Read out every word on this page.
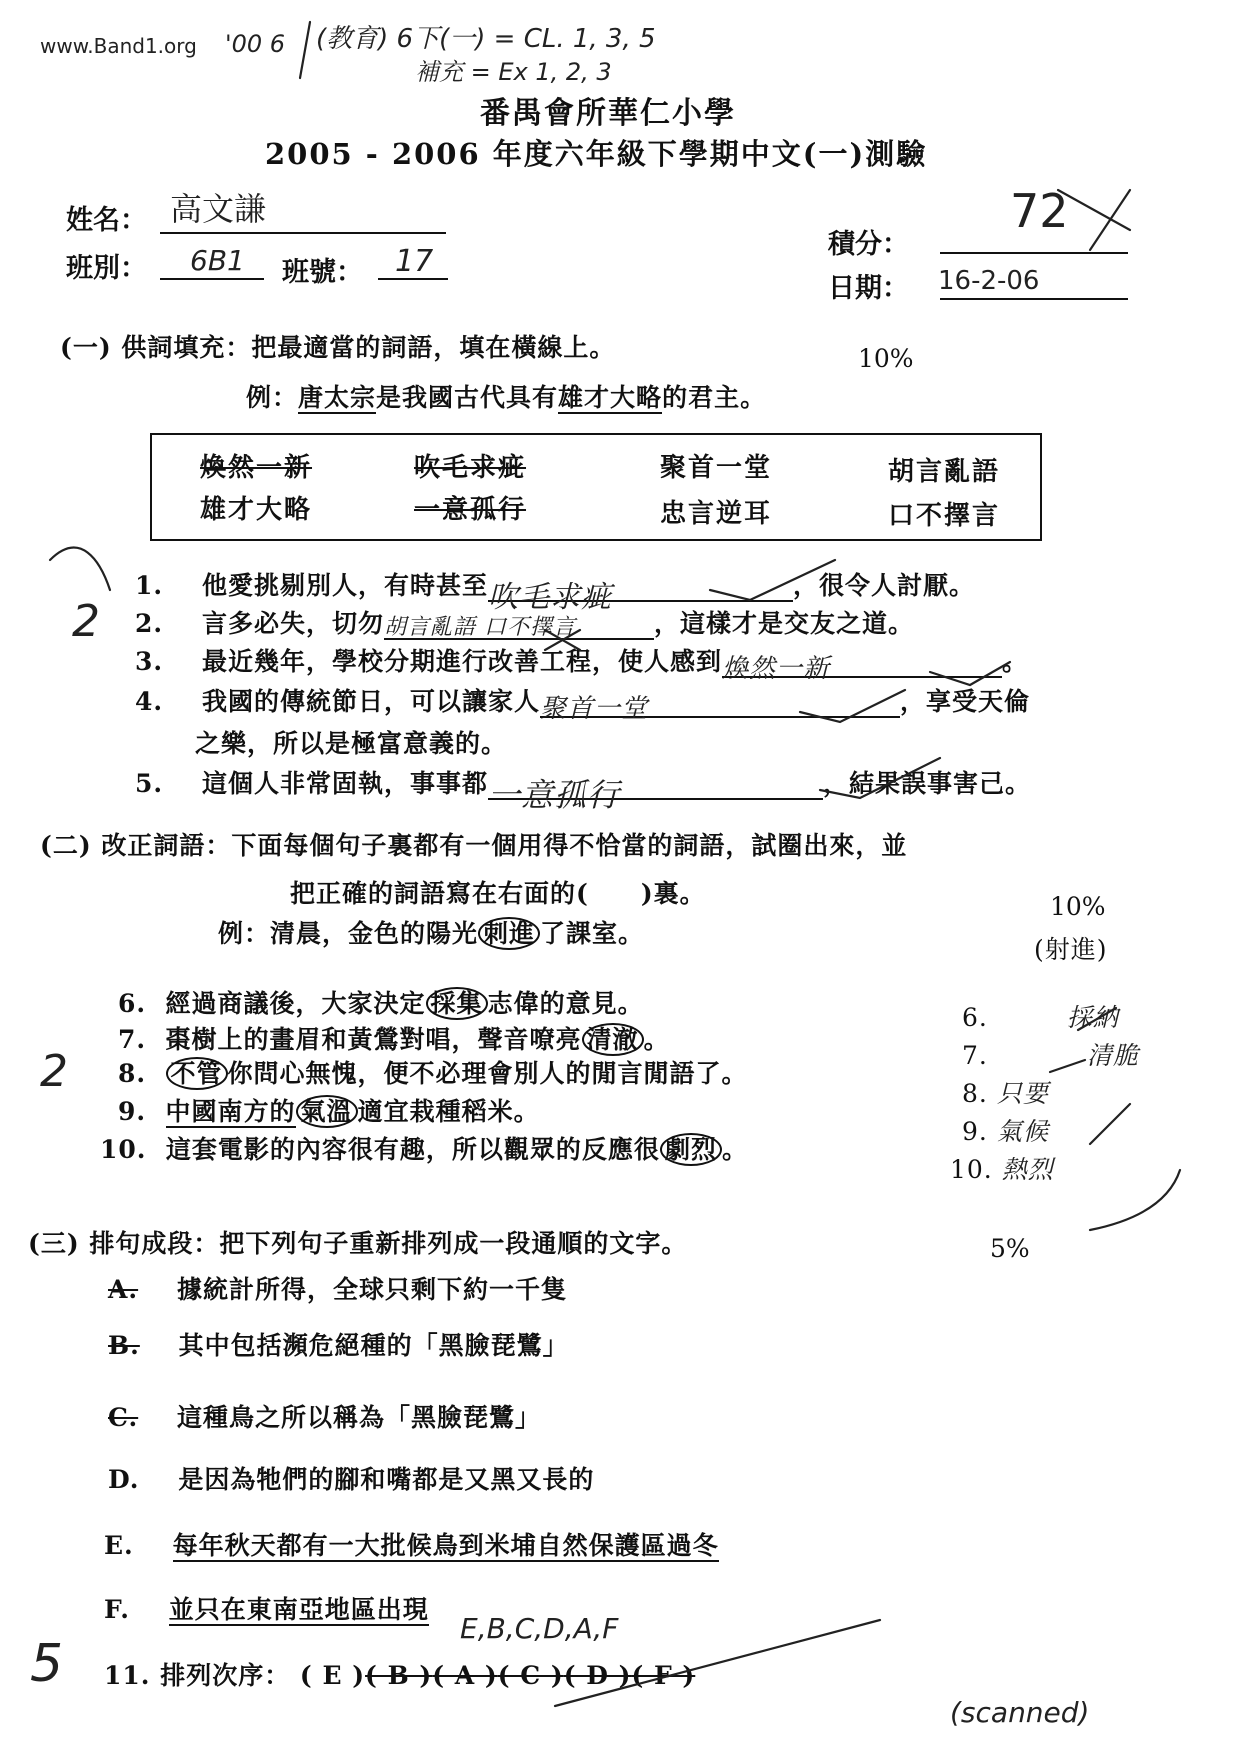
www.Band1.org '00 6 (教育) 6下(一) = CL. 1, 3, 5
補充 = Ex 1, 2, 3
番禺會所華仁小學
2005 - 2006 年度六年級下學期中文(一)測驗
姓名： 高文謙
班別： 6B1 班號： 17	積分：
72
日期： 16-2-06
(一) 供詞填充：把最適當的詞語，填在橫線上。	10%
例：唐太宗是我國古代具有雄才大略的君主。
煥然一新	吹毛求疵	聚首一堂	胡言亂語
雄才大略	一意孤行	忠言逆耳	口不擇言
1. 他愛挑剔別人，有時甚至吹毛求疵	，很令人討厭。
2. 言多必失，切勿胡言亂語 口不擇言	，這樣才是交友之道。
3. 最近幾年，學校分期進行改善工程，使人感到煥然一新	。
4. 我國的傳統節日，可以讓家人聚首一堂	，享受天倫
之樂，所以是極富意義的。
5. 這個人非常固執，事事都一意孤行	，結果誤事害己。
2
(二) 改正詞語：下面每個句子裏都有一個用得不恰當的詞語，試圈出來，並
把正確的詞語寫在右面的(　　)裏。	10%
例：清晨，金色的陽光 刺進 了課室。
(射進)
6. 經過商議後，大家決定 採集 志偉的意見。
7. 棗樹上的畫眉和黃鶯對唱，聲音嘹亮 清澈 。
8. 不管 你問心無愧，便不必理會別人的閒言閒語了。
9. 中國南方的 氣溫 適宜栽種稻米。
10. 這套電影的內容很有趣，所以觀眾的反應很 劇烈 。
6.	採納
7.	清脆
8. 只要
9. 氣候
10. 熱烈
2
(三) 排句成段：把下列句子重新排列成一段通順的文字。	5%
A. 據統計所得，全球只剩下約一千隻
B. 其中包括瀕危絕種的「黑臉琵鷺」
C. 這種鳥之所以稱為「黑臉琵鷺」
D. 是因為牠們的腳和嘴都是又黑又長的
E. 每年秋天都有一大批候鳥到米埔自然保護區過冬
F. 並只在東南亞地區出現
11. 排列次序： ( E )( B )( A )( C )( D )( F )
E,B,C,D,A,F
5
(scanned)
